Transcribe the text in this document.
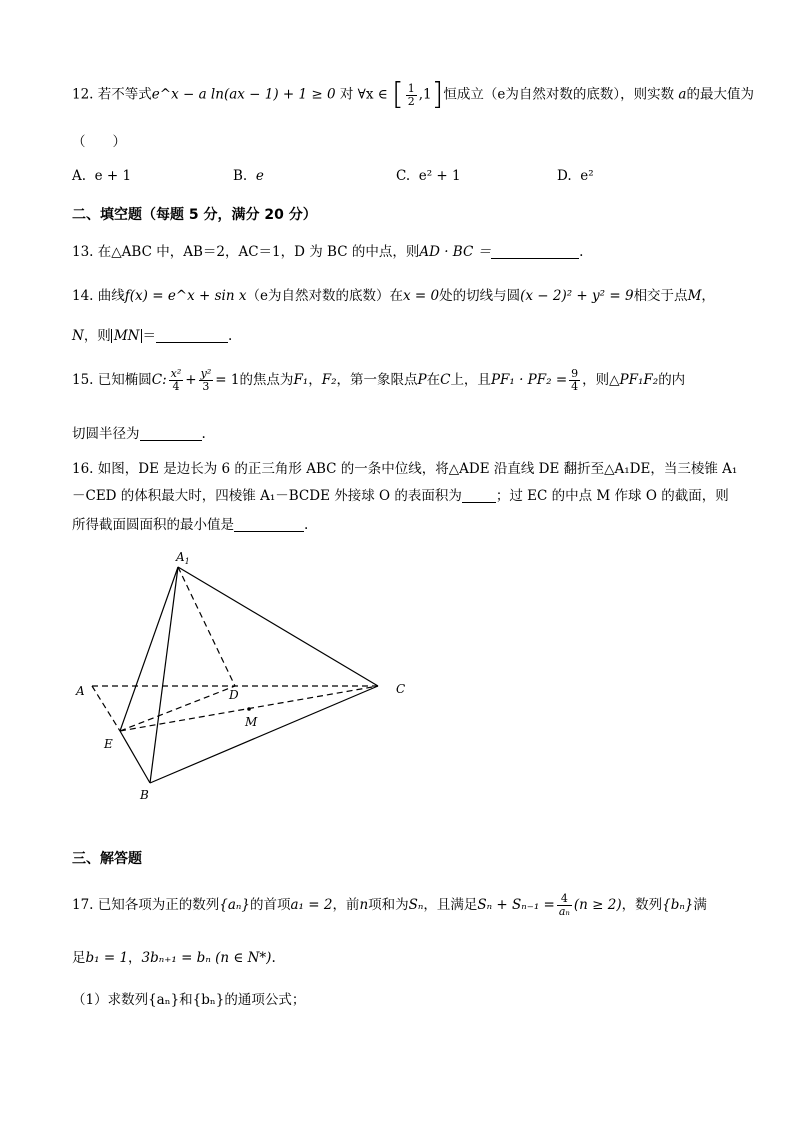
12. 若不等式e^x − a ln(ax − 1) + 1 ≥ 0 对 ∀x ∈ [ $\frac{1}{2} ,1$]恒成立（e为自然对数的底数），则实数 a的最大值为
（　　）
A. e + 1	B. e	C. e² + 1	D. e²
二、填空题（每题 5 分，满分 20 分）
13. 在△ABC 中，AB＝2，AC＝1，D 为 BC 的中点，则AD · BC ＝	.
14. 曲线f(x) = e^x + sin x（e为自然对数的底数）在x = 0处的切线与圆(x − 2)² + y² = 9相交于点M，
N，则 MN ＝	.
15. 已知椭圆C: $\frac{\text{x²}}{4} + \frac{\text{y²}}{3} = 1$的焦点为F₁，F₂，第一象限点P在C上，且$PF_1 \cdot PF_2 = \frac{9}{4}$ ，则△PF₁F₂的内
切圆半径为	.
16. 如图，DE 是边长为 6 的正三角形 ABC 的一条中位线，将△ADE 沿直线 DE 翻折至△A₁DE，当三棱锥 A₁
－CED 的体积最大时，四棱锥 A₁－BCDE 外接球 O 的表面积为	；过 EC 的中点 M 作球 O 的截面，则
所得截面圆面积的最小值是	.
$A_1$
A	D	C
M
E
B
三、解答题
17. 已知各项为正的数列{aₙ}的首项a₁ = 2，前n项和为Sₙ，且满足$S_n + S_{n-1} = \frac{4}{\text{aₙ}} (n \ge 2)$，数列{bₙ}满
足b₁ = 1，3bₙ₊₁ = bₙ (n ∈ N*).
（1）求数列{aₙ}和{bₙ}的通项公式；
